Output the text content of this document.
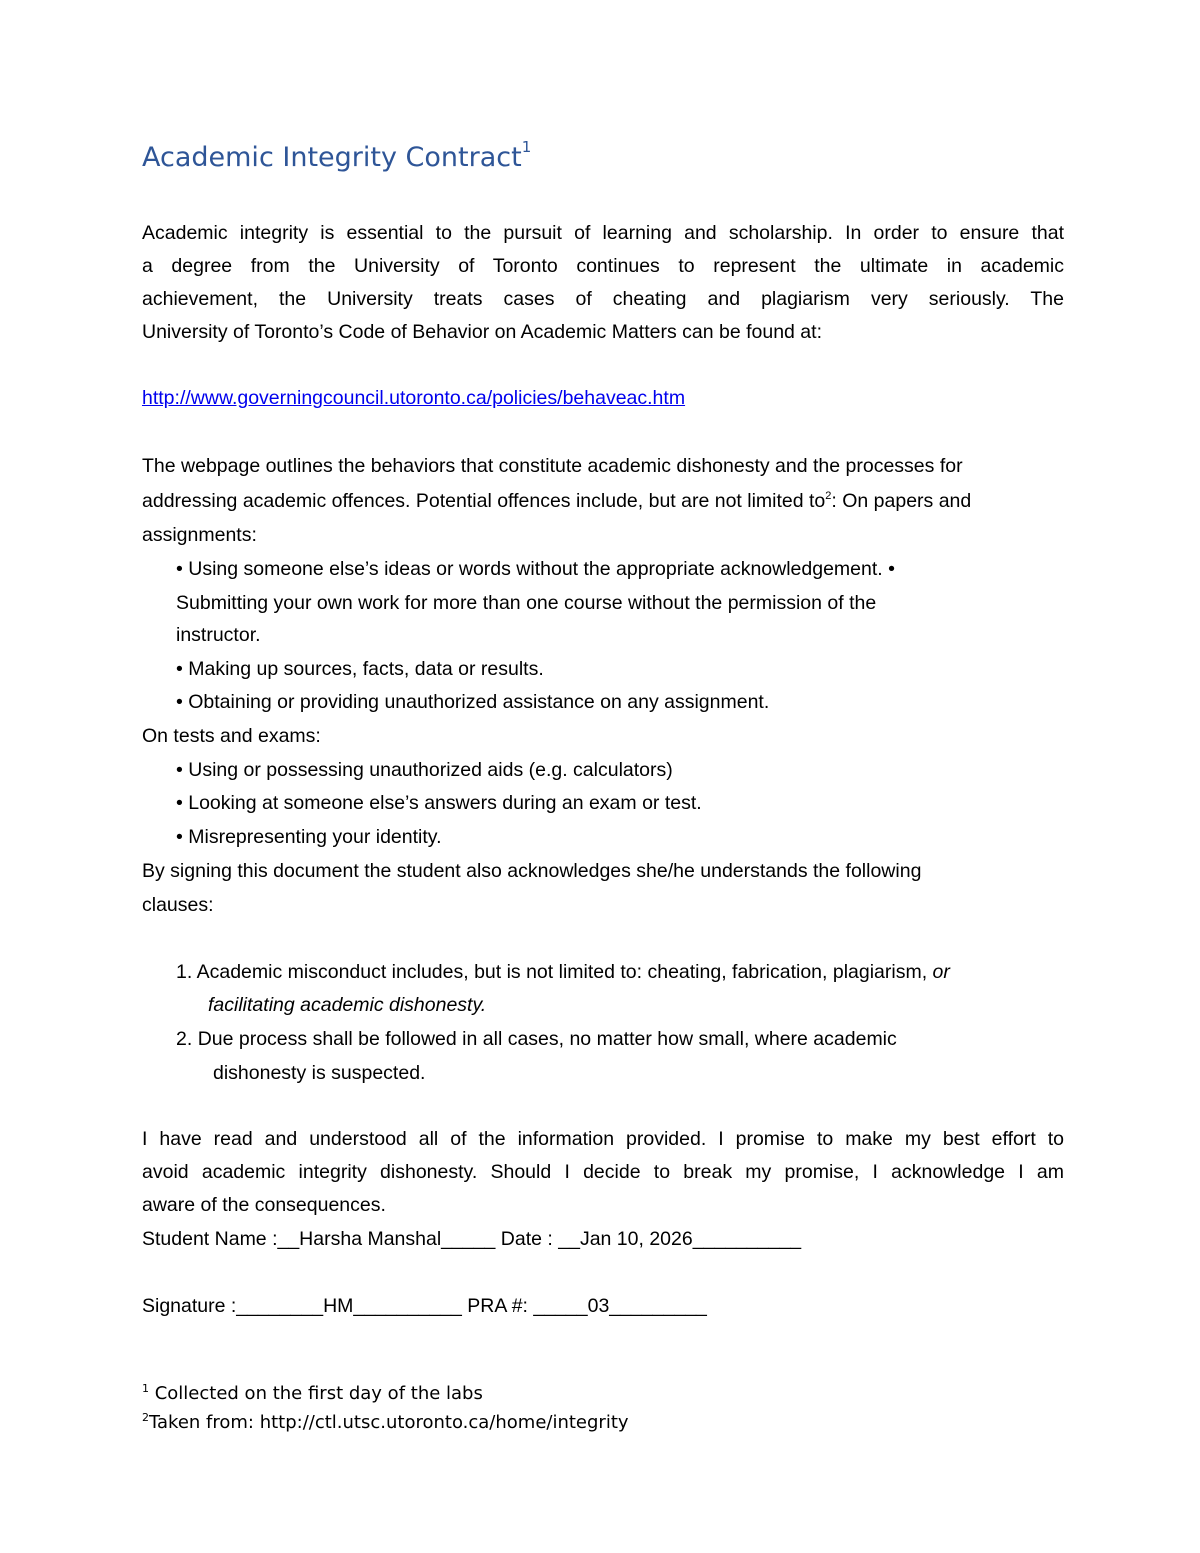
Academic Integrity Contract$^1$
Academic integrity is essential to the pursuit of learning and scholarship. In order to ensure that
a degree from the University of Toronto continues to represent the ultimate in academic
achievement, the University treats cases of cheating and plagiarism very seriously. The
University of Toronto’s Code of Behavior on Academic Matters can be found at:
http://www.governingcouncil.utoronto.ca/policies/behaveac.htm
The webpage outlines the behaviors that constitute academic dishonesty and the processes for
addressing academic offences. Potential offences include, but are not limited $to^2$: On papers and
assignments:
• Using someone else’s ideas or words without the appropriate acknowledgement. •
Submitting your own work for more than one course without the permission of the
instructor.
• Making up sources, facts, data or results.
• Obtaining or providing unauthorized assistance on any assignment.
On tests and exams:
• Using or possessing unauthorized aids (e.g. calculators)
• Looking at someone else’s answers during an exam or test.
• Misrepresenting your identity.
By signing this document the student also acknowledges she/he understands the following
clauses:
1. Academic misconduct includes, but is not limited to: cheating, fabrication, plagiarism, or
facilitating academic dishonesty.
2. Due process shall be followed in all cases, no matter how small, where academic
dishonesty is suspected.
I have read and understood all of the information provided. I promise to make my best effort to
avoid academic integrity dishonesty. Should I decide to break my promise, I acknowledge I am
aware of the consequences.
Student Name :__Harsha Manshal_____ Date : __Jan 10, 2026__________
Signature :________HM__________ PRA #: _____03_________
$^1$ Collected on the first day of the labs
$^2$Taken from: http://ctl.utsc.utoronto.ca/home/integrity
